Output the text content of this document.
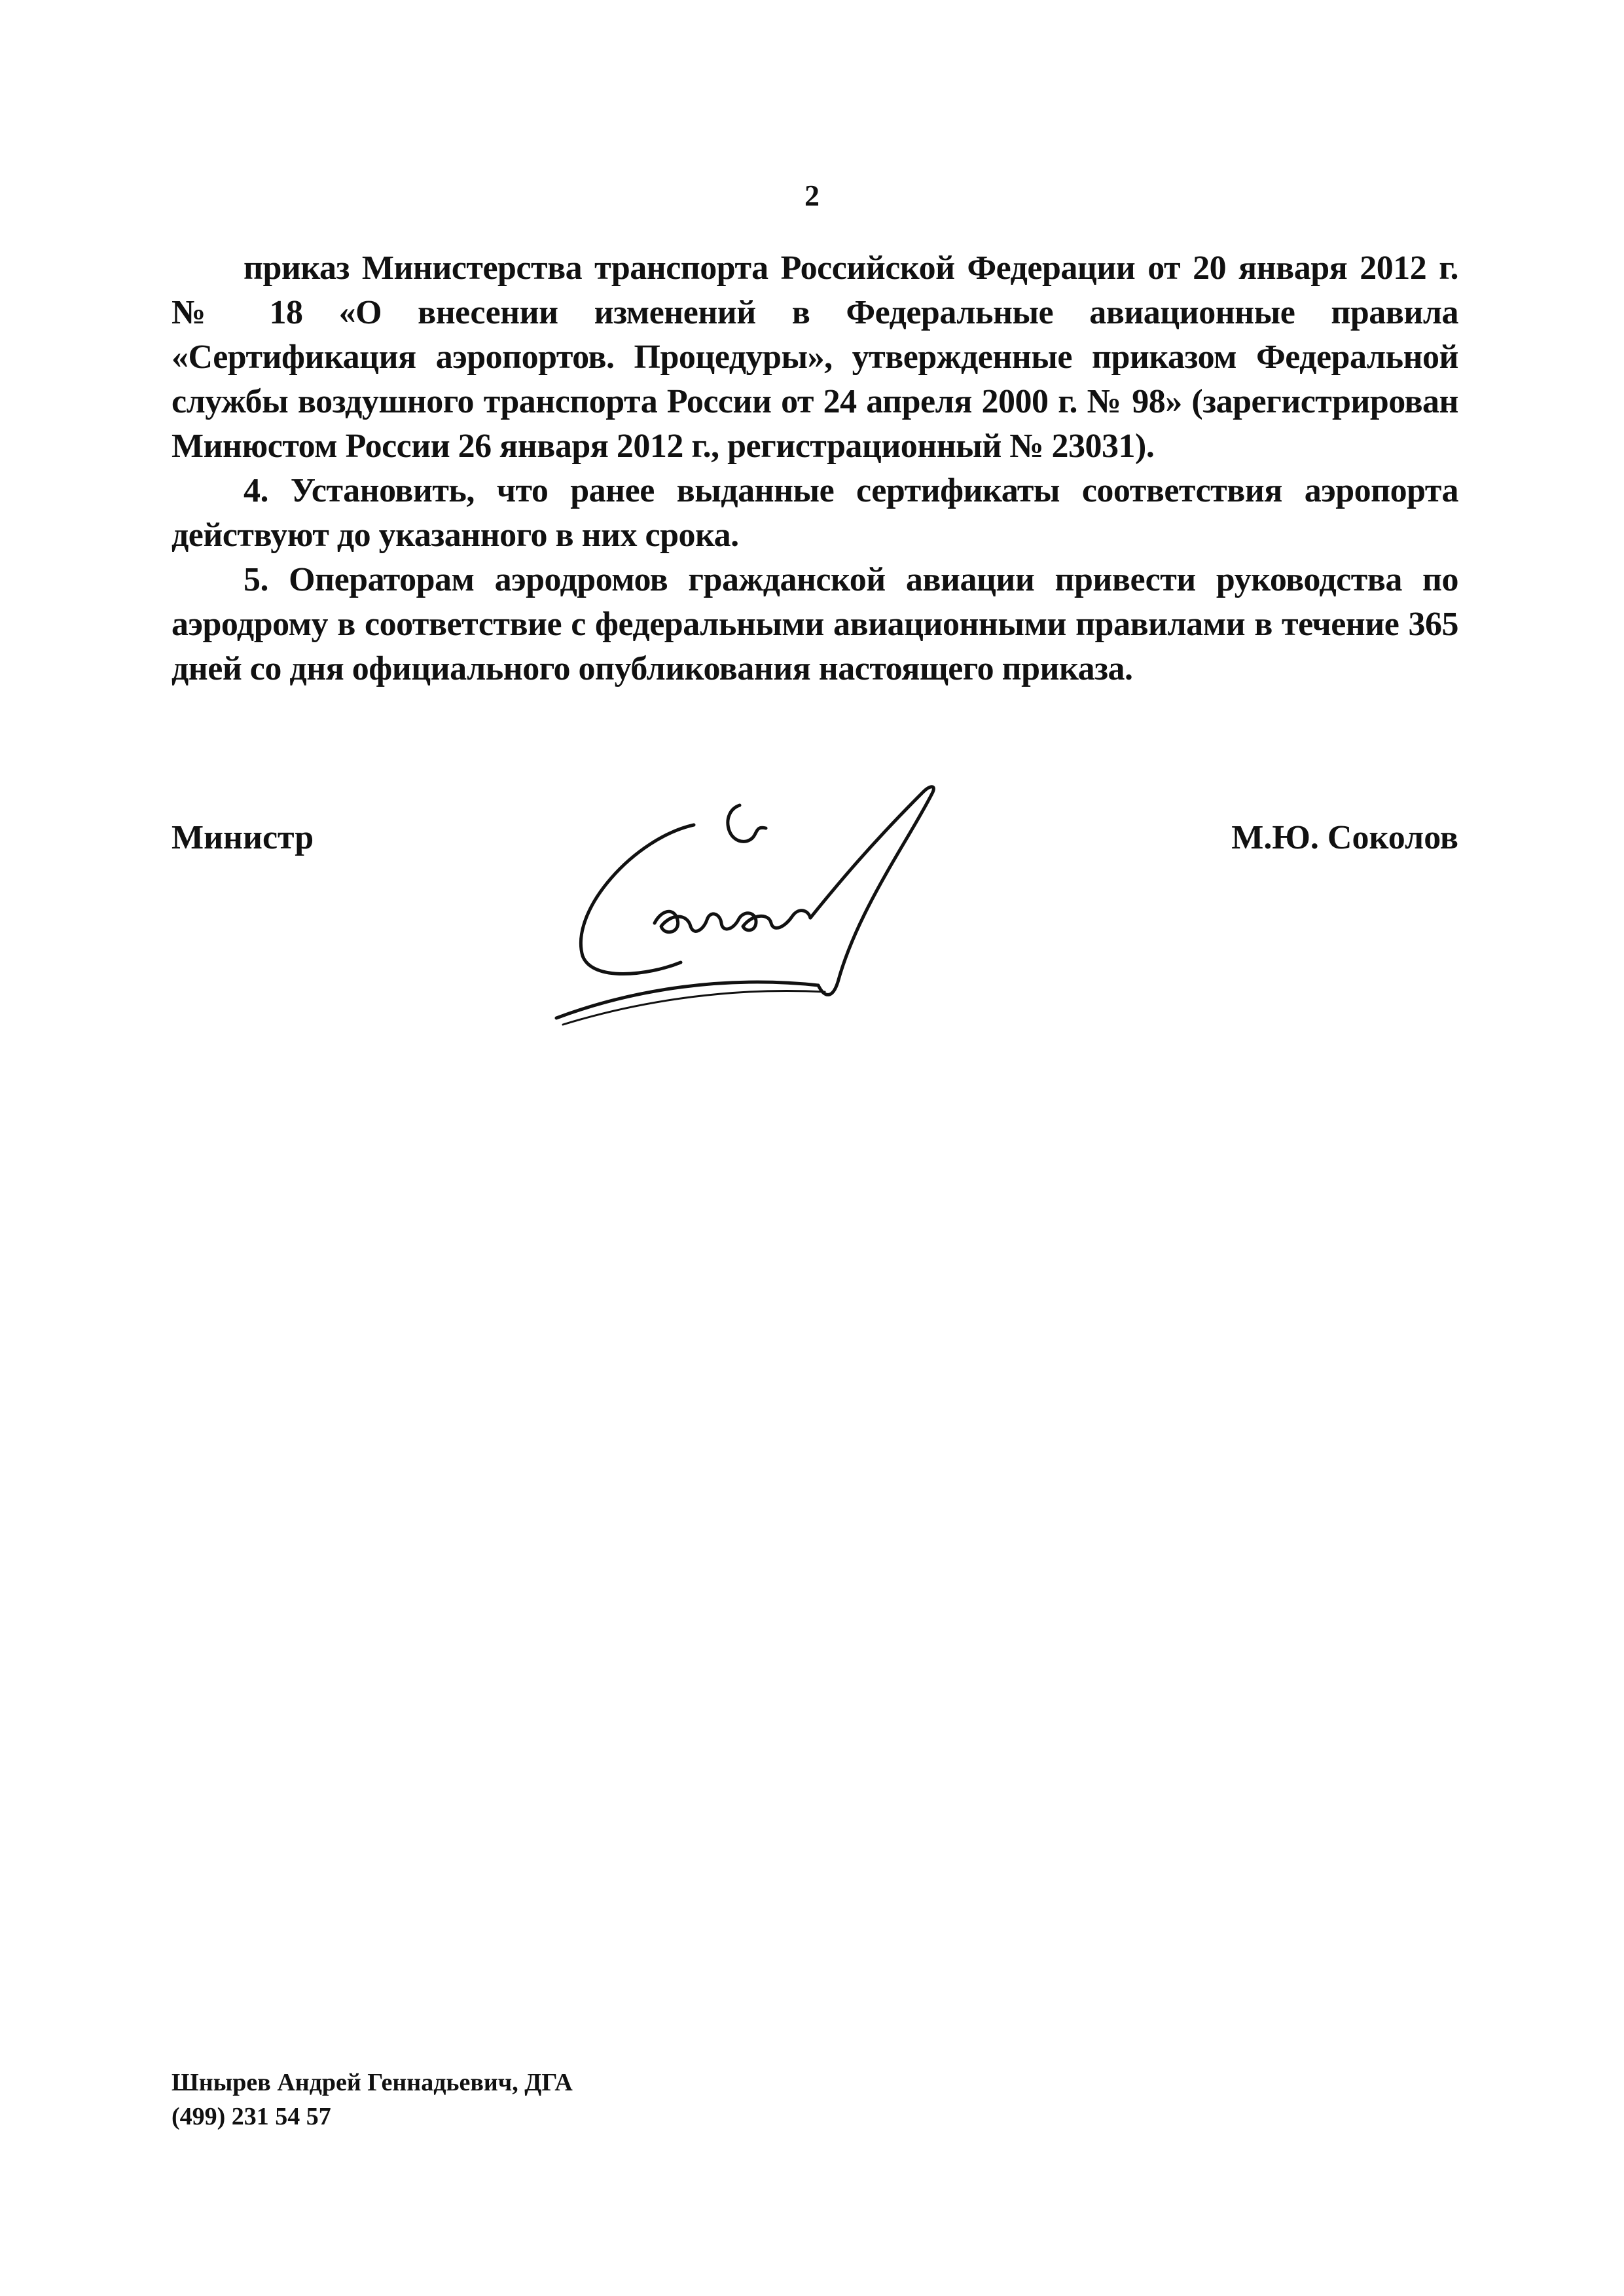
2

приказ Министерства транспорта Российской Федерации от 20 января 2012 г. № 18 «О внесении изменений в Федеральные авиационные правила «Сертификация аэропортов. Процедуры», утвержденные приказом Федеральной службы воздушного транспорта России от 24 апреля 2000 г. № 98» (зарегистрирован Минюстом России 26 января 2012 г., регистрационный № 23031).

4. Установить, что ранее выданные сертификаты соответствия аэропорта действуют до указанного в них срока.

5. Операторам аэродромов гражданской авиации привести руководства по аэродрому в соответствие с федеральными авиационными правилами в течение 365 дней со дня официального опубликования настоящего приказа.

Министр	М.Ю. Соколов
Шнырев Андрей Геннадьевич, ДГА
(499) 231 54 57
